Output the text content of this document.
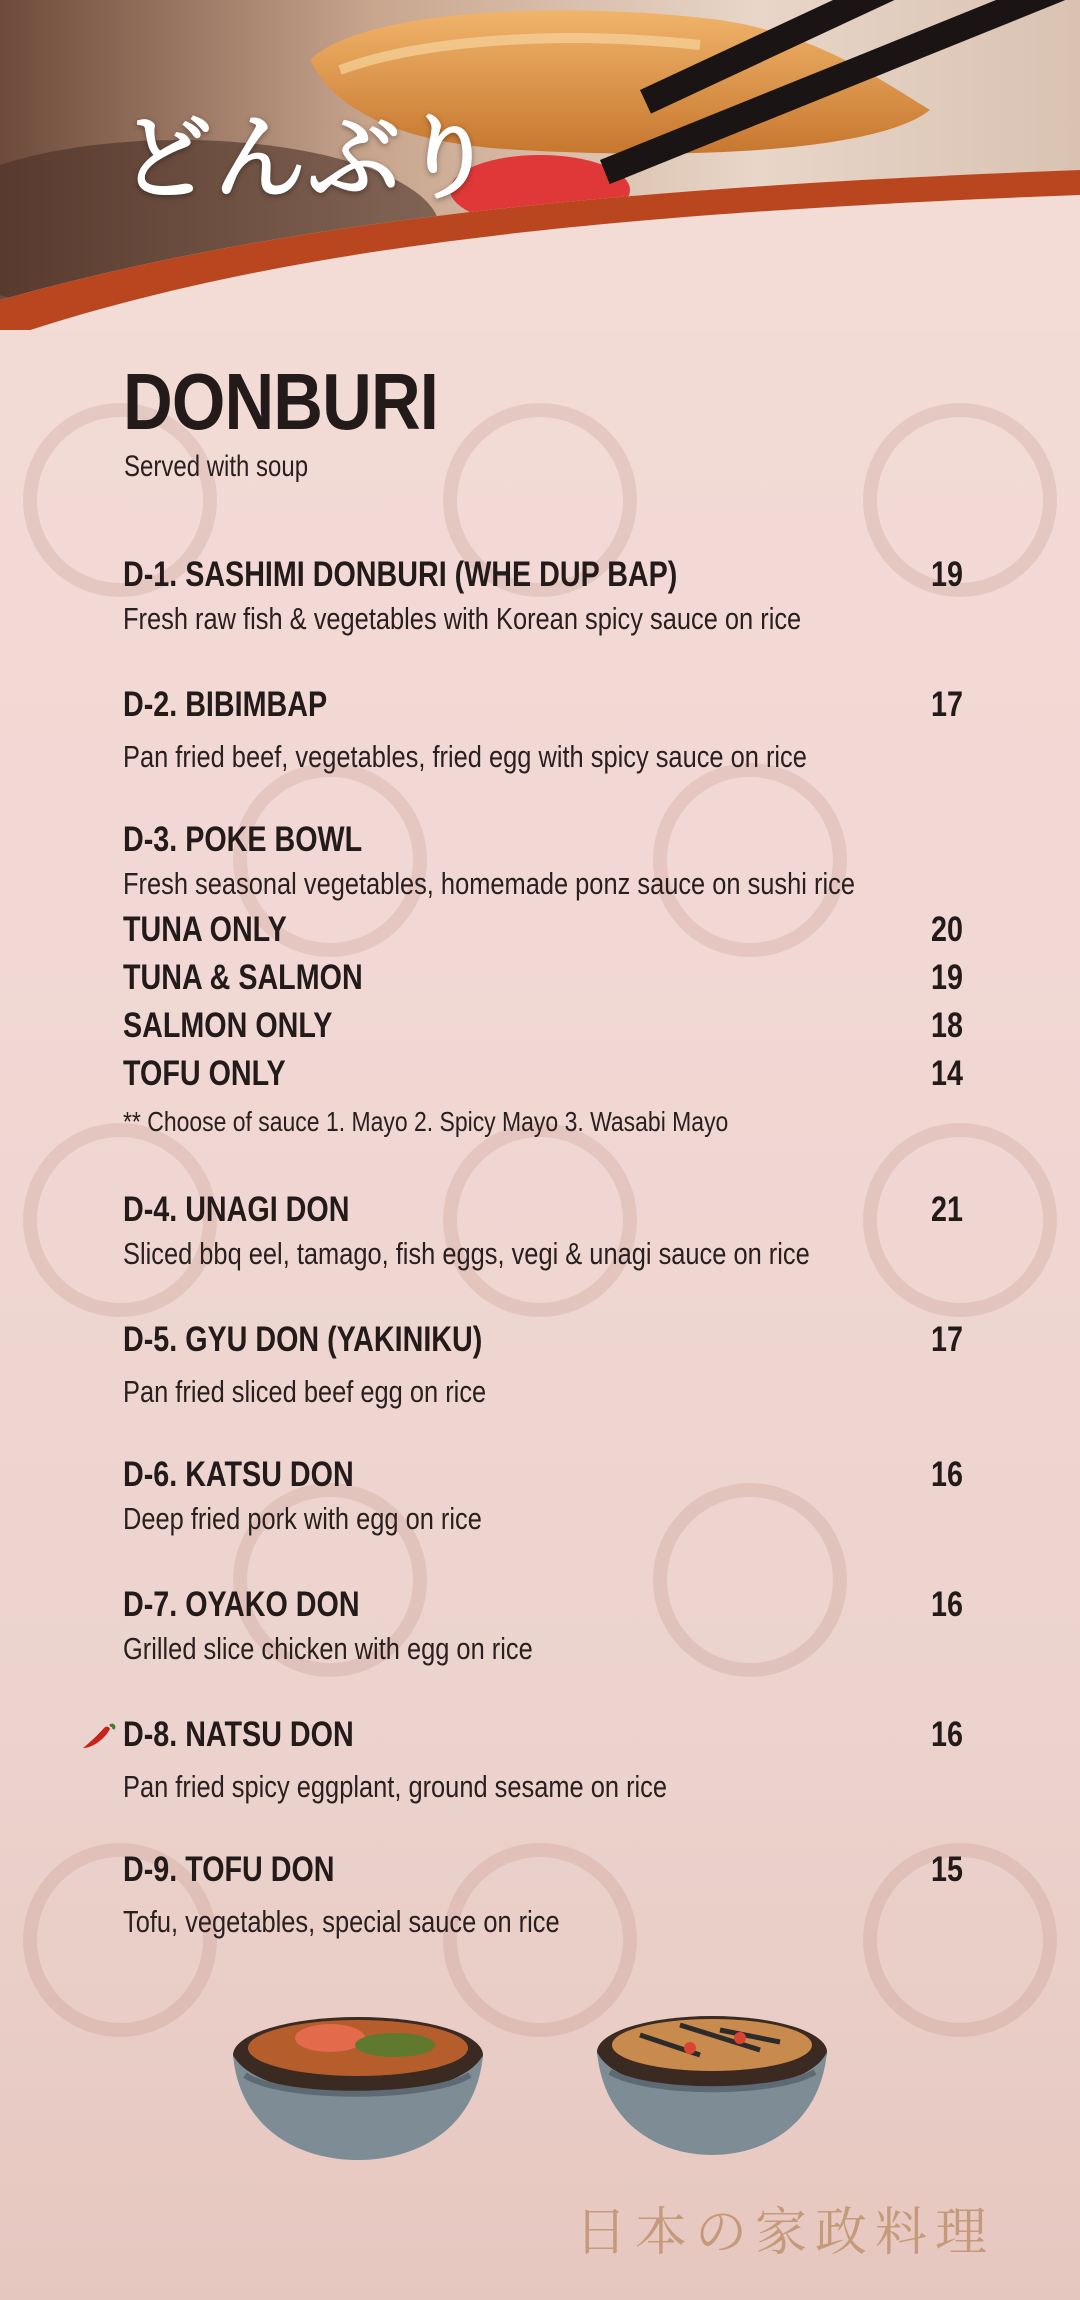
どんぶり
DONBURI
Served with soup
D-1. SASHIMI DONBURI (WHE DUP BAP)	19
Fresh raw fish & vegetables with Korean spicy sauce on rice
D-2. BIBIMBAP	17
Pan fried beef, vegetables, fried egg with spicy sauce on rice
D-3. POKE BOWL
Fresh seasonal vegetables, homemade ponz sauce on sushi rice
TUNA ONLY	20
TUNA & SALMON	19
SALMON ONLY	18
TOFU ONLY	14
** Choose of sauce 1. Mayo 2. Spicy Mayo 3. Wasabi Mayo
D-4. UNAGI DON	21
Sliced bbq eel, tamago, fish eggs, vegi & unagi sauce on rice
D-5. GYU DON (YAKINIKU)	17
Pan fried sliced beef egg on rice
D-6. KATSU DON	16
Deep fried pork with egg on rice
D-7. OYAKO DON	16
Grilled slice chicken with egg on rice
D-8. NATSU DON	16
Pan fried spicy eggplant, ground sesame on rice
D-9. TOFU DON	15
Tofu, vegetables, special sauce on rice
日本の家政料理
